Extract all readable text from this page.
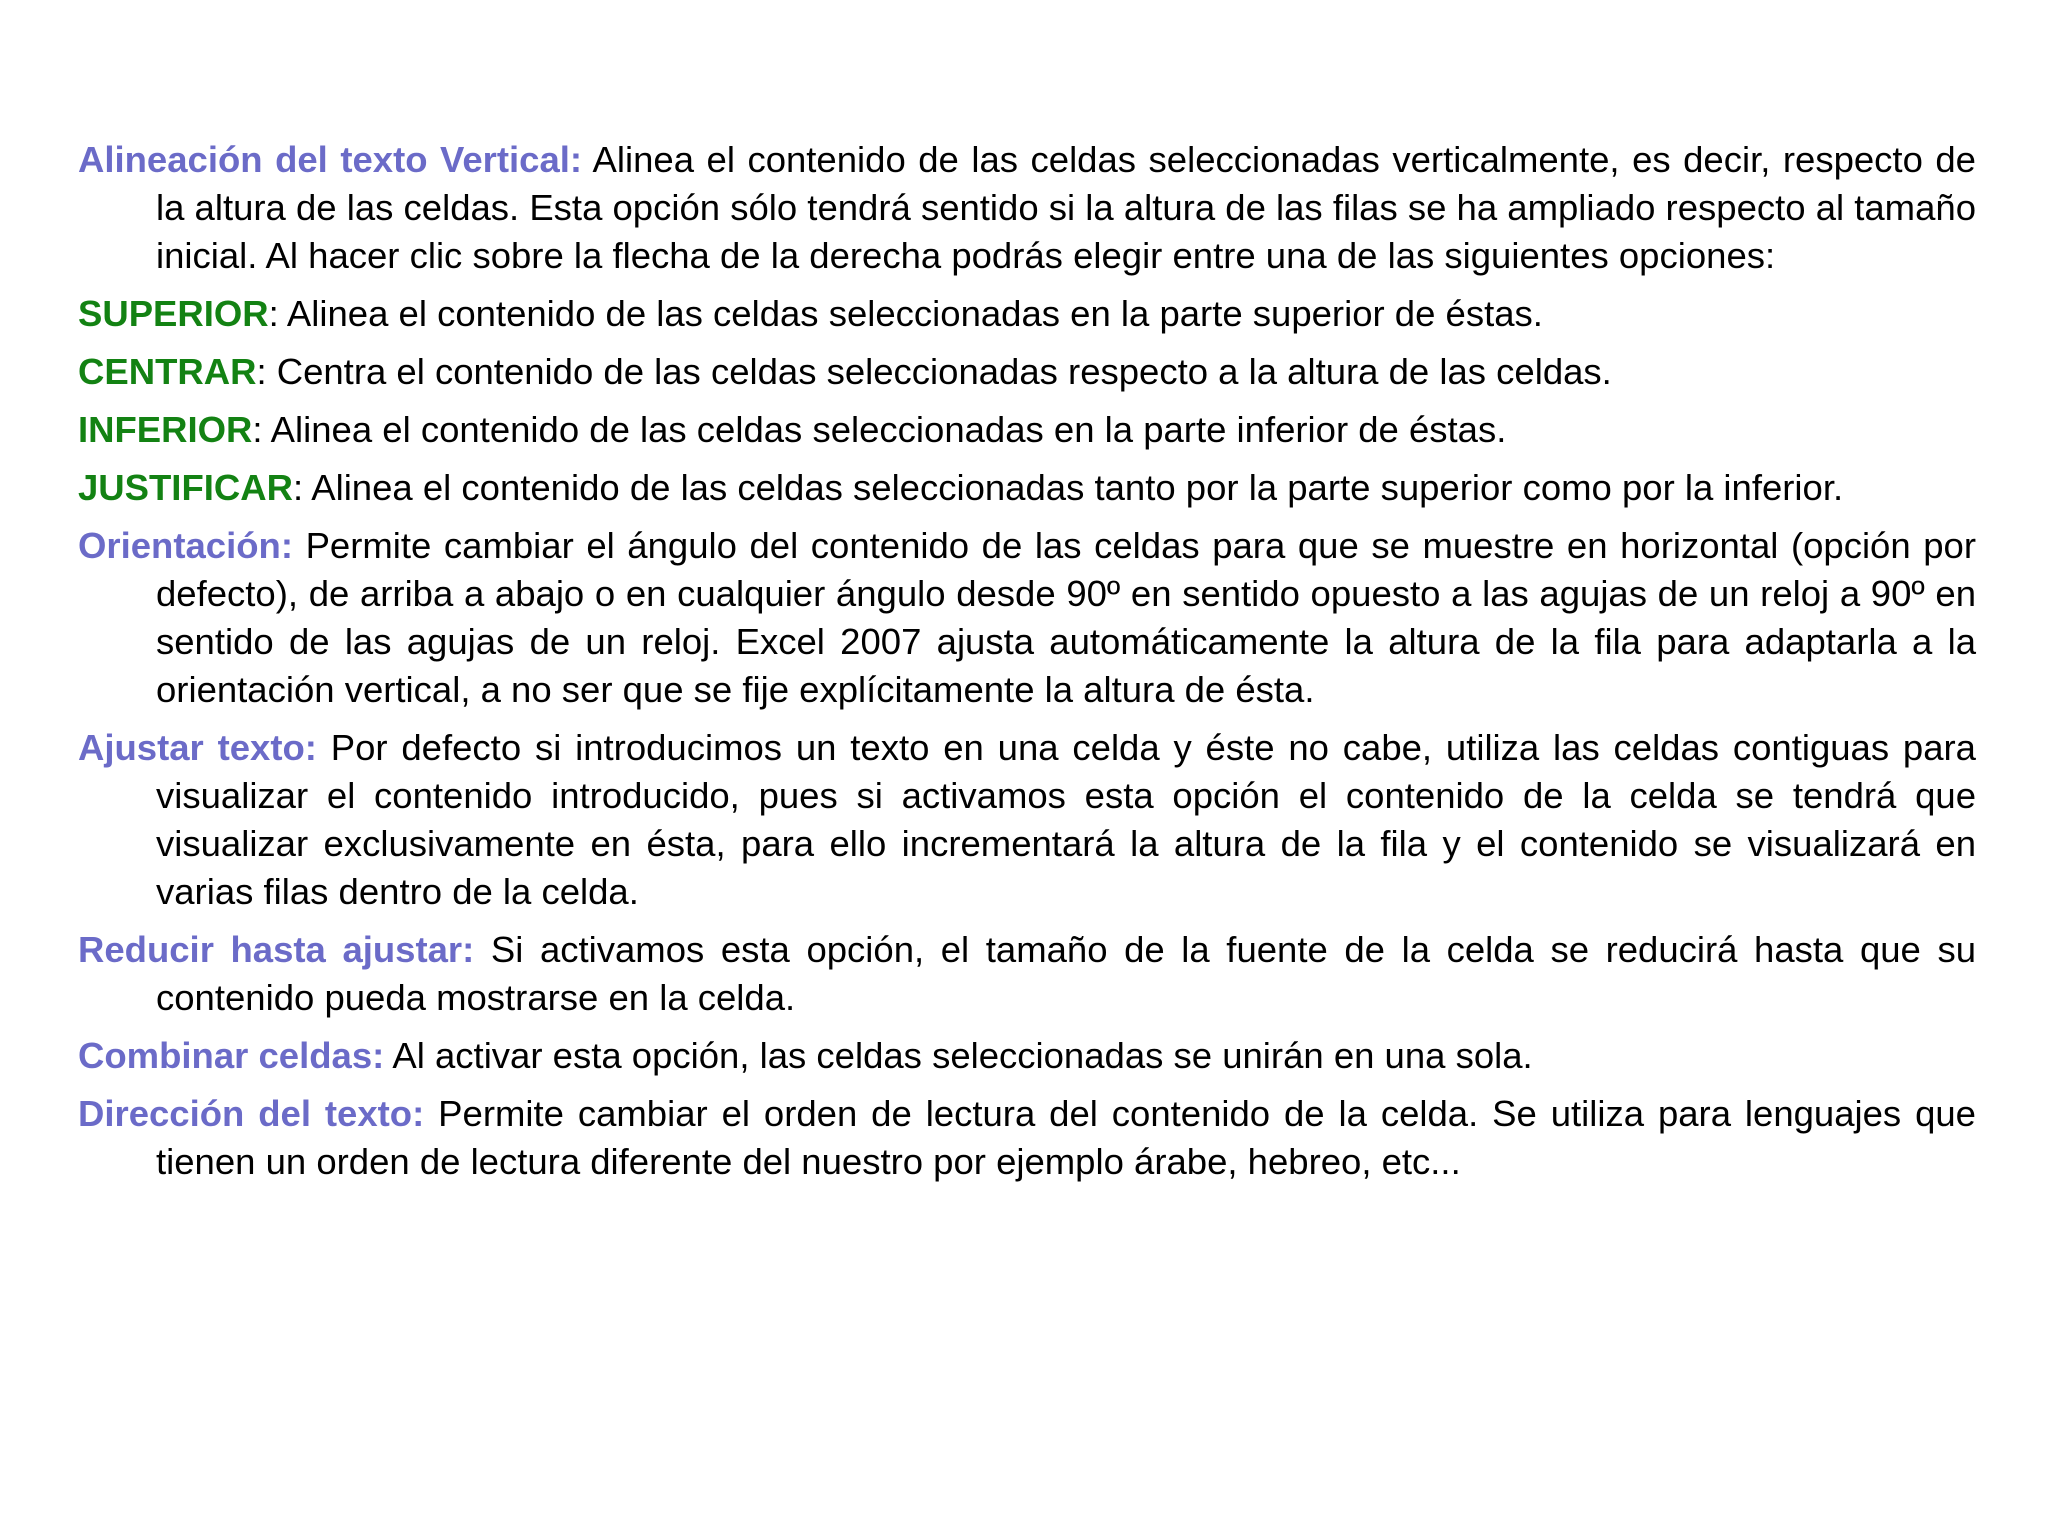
Alineación del texto Vertical: Alinea el contenido de las celdas seleccionadas verticalmente, es decir, respecto de la altura de las celdas. Esta opción sólo tendrá sentido si la altura de las filas se ha ampliado respecto al tamaño inicial. Al hacer clic sobre la flecha de la derecha podrás elegir entre una de las siguientes opciones:

SUPERIOR: Alinea el contenido de las celdas seleccionadas en la parte superior de éstas.

CENTRAR: Centra el contenido de las celdas seleccionadas respecto a la altura de las celdas.

INFERIOR: Alinea el contenido de las celdas seleccionadas en la parte inferior de éstas.

JUSTIFICAR: Alinea el contenido de las celdas seleccionadas tanto por la parte superior como por la inferior.

Orientación: Permite cambiar el ángulo del contenido de las celdas para que se muestre en horizontal (opción por defecto), de arriba a abajo o en cualquier ángulo desde 90º en sentido opuesto a las agujas de un reloj a 90º en sentido de las agujas de un reloj. Excel 2007 ajusta automáticamente la altura de la fila para adaptarla a la orientación vertical, a no ser que se fije explícitamente la altura de ésta.

Ajustar texto: Por defecto si introducimos un texto en una celda y éste no cabe, utiliza las celdas contiguas para visualizar el contenido introducido, pues si activamos esta opción el contenido de la celda se tendrá que visualizar exclusivamente en ésta, para ello incrementará la altura de la fila y el contenido se visualizará en varias filas dentro de la celda.

Reducir hasta ajustar: Si activamos esta opción, el tamaño de la fuente de la celda se reducirá hasta que su contenido pueda mostrarse en la celda.

Combinar celdas: Al activar esta opción, las celdas seleccionadas se unirán en una sola.

Dirección del texto: Permite cambiar el orden de lectura del contenido de la celda. Se utiliza para lenguajes que tienen un orden de lectura diferente del nuestro por ejemplo árabe, hebreo, etc...
